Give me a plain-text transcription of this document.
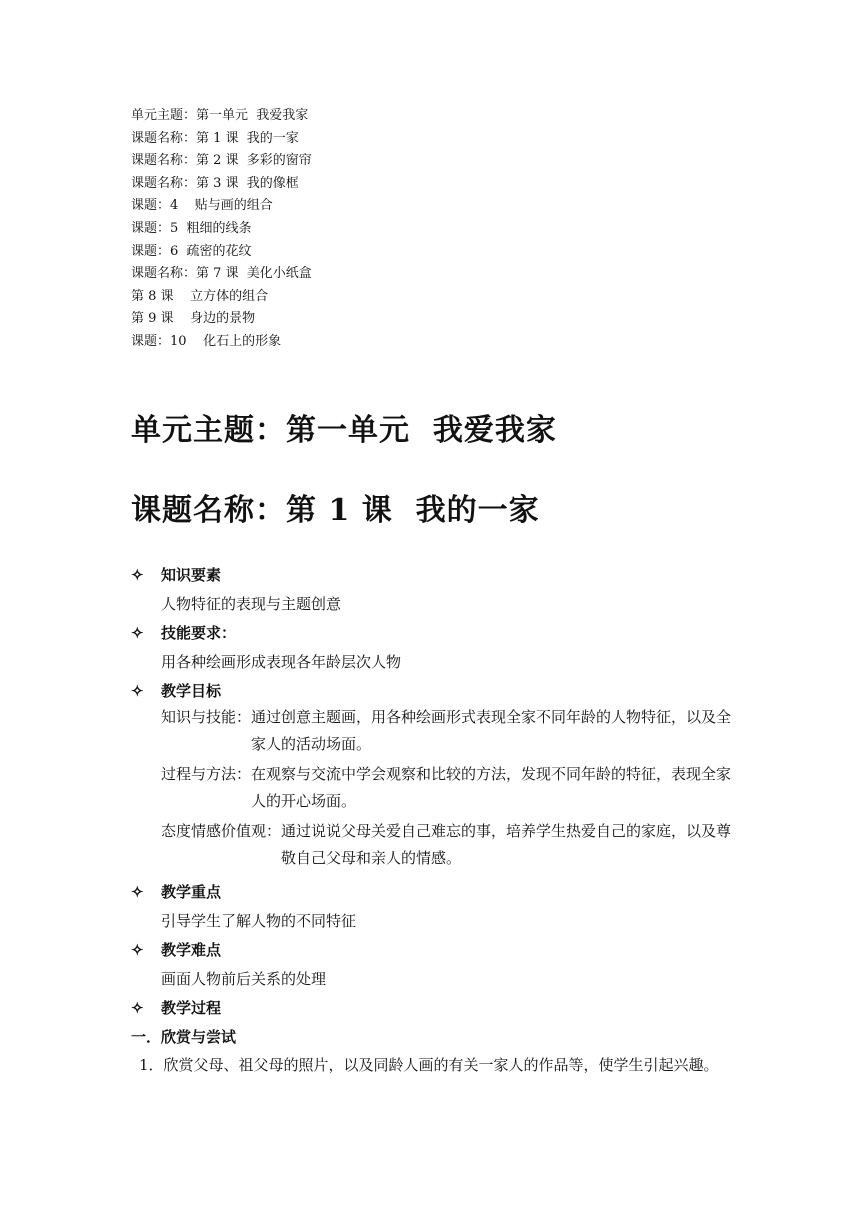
单元主题：第一单元  我爱我家
课题名称：第 1 课  我的一家
课题名称：第 2 课  多彩的窗帘
课题名称：第 3 课  我的像框
课题：4    贴与画的组合
课题：5  粗细的线条
课题：6  疏密的花纹
课题名称：第 7 课  美化小纸盒
第 8 课    立方体的组合
第 9 课    身边的景物
课题：10    化石上的形象
单元主题：第一单元  我爱我家
课题名称：第 1 课  我的一家
✧ 知识要素
人物特征的表现与主题创意
✧ 技能要求：
用各种绘画形成表现各年龄层次人物
✧ 教学目标
知识与技能： 通过创意主题画，用各种绘画形式表现全家不同年龄的人物特征，以及全家人的活动场面。
过程与方法： 在观察与交流中学会观察和比较的方法，发现不同年龄的特征，表现全家人的开心场面。
态度情感价值观： 通过说说父母关爱自己难忘的事，培养学生热爱自己的家庭，以及尊敬自己父母和亲人的情感。
✧ 教学重点
引导学生了解人物的不同特征
✧ 教学难点
画面人物前后关系的处理
✧ 教学过程
一．欣赏与尝试
1．欣赏父母、祖父母的照片，以及同龄人画的有关一家人的作品等，使学生引起兴趣。
